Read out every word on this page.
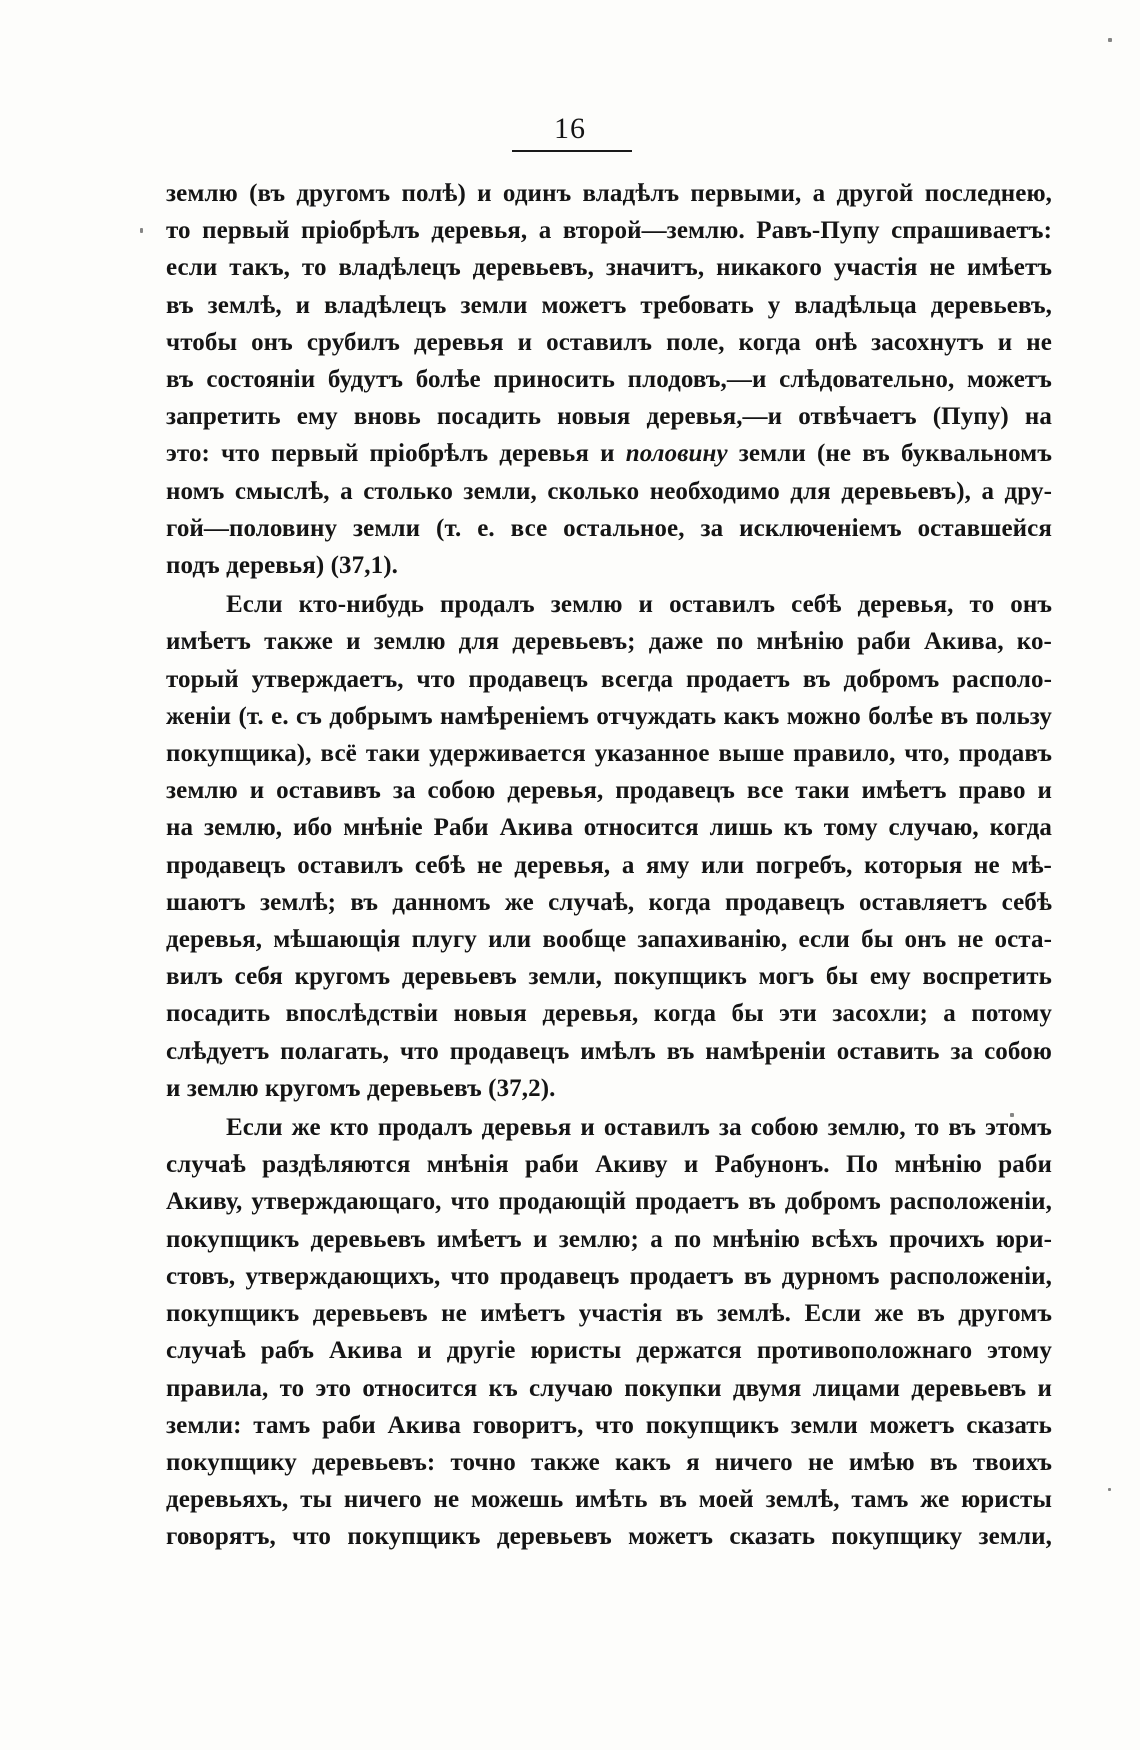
16
землю (въ другомъ полѣ) и одинъ владѣлъ первыми, а другой последнею,
то первый пріобрѣлъ деревья, а второй—землю. Равъ-Пупу спрашиваетъ:
если такъ, то владѣлецъ деревьевъ, значитъ, никакого участія не имѣетъ
въ землѣ, и владѣлецъ земли можетъ требовать у владѣльца деревьевъ,
чтобы онъ срубилъ деревья и оставилъ поле, когда онѣ засохнутъ и не
въ состояніи будутъ болѣе приносить плодовъ,—и слѣдовательно, можетъ
запретить ему вновь посадить новыя деревья,—и отвѣчаетъ (Пупу) на
это: что первый пріобрѣлъ деревья и половину земли (не въ буквальномъ
номъ смыслѣ, а столько земли, сколько необходимо для деревьевъ), а дру-
гой—половину земли (т. е. все остальное, за исключеніемъ оставшейся
подъ деревья) (37,1).
Если кто-нибудь продалъ землю и оставилъ себѣ деревья, то онъ
имѣетъ также и землю для деревьевъ; даже по мнѣнію раби Акива, ко-
торый утверждаетъ, что продавецъ всегда продаетъ въ добромъ располо-
женіи (т. е. съ добрымъ намѣреніемъ отчуждать какъ можно болѣе въ пользу
покупщика), всё таки удерживается указанное выше правило, что, продавъ
землю и оставивъ за собою деревья, продавецъ все таки имѣетъ право и
на землю, ибо мнѣніе Раби Акива относится лишь къ тому случаю, когда
продавецъ оставилъ себѣ не деревья, а яму или погребъ, которыя не мѣ-
шаютъ землѣ; въ данномъ же случаѣ, когда продавецъ оставляетъ себѣ
деревья, мѣшающія плугу или вообще запахиванію, если бы онъ не оста-
вилъ себя кругомъ деревьевъ земли, покупщикъ могъ бы ему воспретить
посадить впослѣдствіи новыя деревья, когда бы эти засохли; а потому
слѣдуетъ полагать, что продавецъ имѣлъ въ намѣреніи оставить за собою
и землю кругомъ деревьевъ (37,2).
Если же кто продалъ деревья и оставилъ за собою землю, то въ этомъ
случаѣ раздѣляются мнѣнія раби Акиву и Рабунонъ. По мнѣнію раби
Акиву, утверждающаго, что продающій продаетъ въ добромъ расположеніи,
покупщикъ деревьевъ имѣетъ и землю; а по мнѣнію всѣхъ прочихъ юри-
стовъ, утверждающихъ, что продавецъ продаетъ въ дурномъ расположеніи,
покупщикъ деревьевъ не имѣетъ участія въ землѣ. Если же въ другомъ
случаѣ рабъ Акива и другіе юристы держатся противоположнаго этому
правила, то это относится къ случаю покупки двумя лицами деревьевъ и
земли: тамъ раби Акива говоритъ, что покупщикъ земли можетъ сказать
покупщику деревьевъ: точно также какъ я ничего не имѣю въ твоихъ
деревьяхъ, ты ничего не можешь имѣть въ моей землѣ, тамъ же юристы
говорятъ, что покупщикъ деревьевъ можетъ сказать покупщику земли,
